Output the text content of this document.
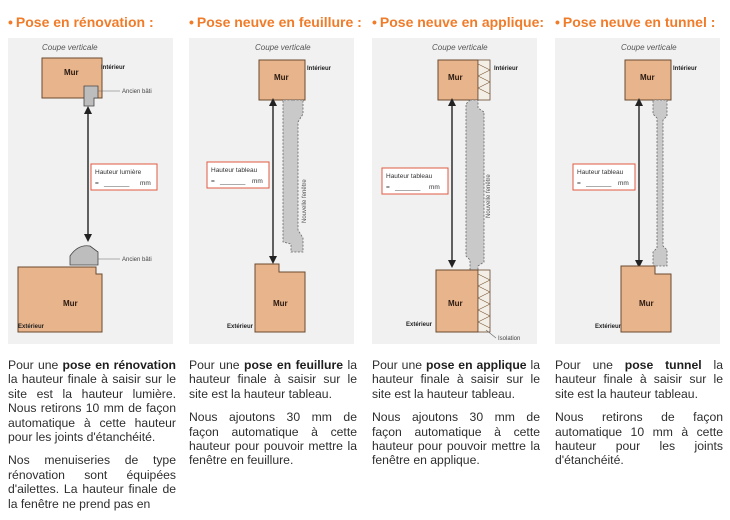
• Pose en rénovation :
Coupe verticale
Mur	Intérieur
Ancien bâti
Hauteur lumière
= _______ mm
Ancien bâti
Mur
Extérieur

Pour une pose en rénovation la hauteur finale à saisir sur le site est la hauteur lumière. Nous retirons 10 mm de façon automatique à cette hauteur pour les joints d'étanchéité.

Nos menuiseries de type rénovation sont équipées d'ailettes. La hauteur finale de la fenêtre ne prend pas en

• Pose neuve en feuillure :
Coupe verticale
Mur
Intérieur
Nouvelle fenêtre
Hauteur tableau
= _______ mm
Mur
Extérieur

Pour une pose en feuillure la hauteur finale à saisir sur le site est la hauteur tableau.

Nous ajoutons 30 mm de façon automatique à cette hauteur pour pouvoir mettre la fenêtre en feuillure.

• Pose neuve en applique:
Coupe verticale
Mur
Intérieur
Nouvelle fenêtre
Hauteur tableau
= _______ mm
Mur
Extérieur
Isolation

Pour une pose en applique la hauteur finale à saisir sur le site est la hauteur tableau.

Nous ajoutons 30 mm de façon automatique à cette hauteur pour pouvoir mettre la fenêtre en applique.

• Pose neuve en tunnel :
Coupe verticale
Mur
Intérieur
Hauteur tableau
= _______ mm
Mur
Extérieur

Pour une pose tunnel la hauteur finale à saisir sur le site est la hauteur tableau.

Nous retirons de façon automatique 10 mm à cette hauteur pour les joints d'étanchéité.
